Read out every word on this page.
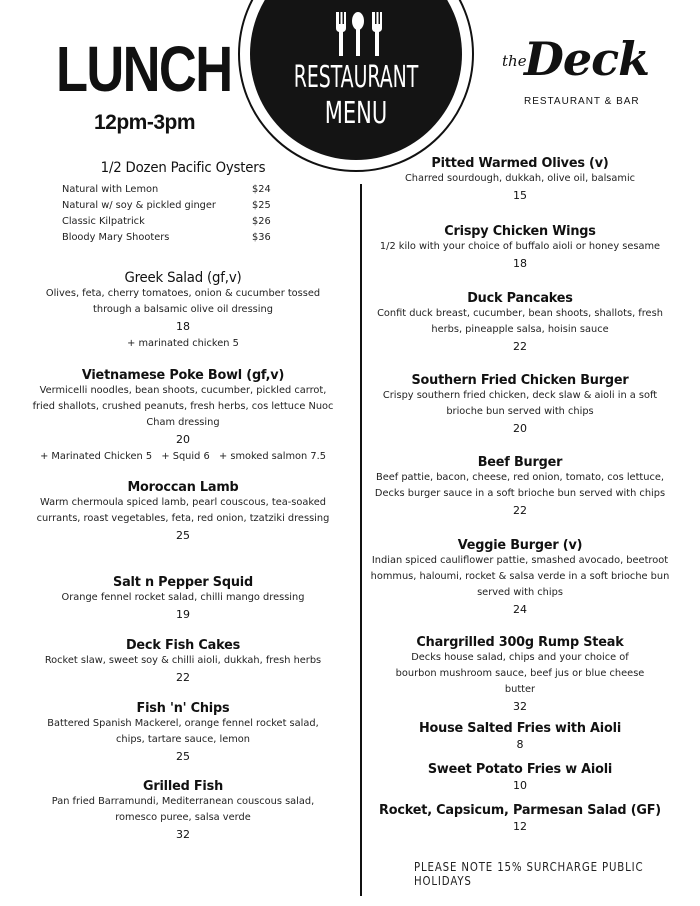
LUNCH
12pm-3pm
RESTAURANT
MENU
the
Deck
RESTAURANT & BAR
1/2 Dozen Pacific Oysters
Natural with Lemon	$24
Natural w/ soy & pickled ginger	$25
Classic Kilpatrick	$26
Bloody Mary Shooters	$36
Greek Salad (gf,v)
Olives, feta, cherry tomatoes, onion & cucumber tossed through a balsamic olive oil dressing
18
+ marinated chicken 5
Vietnamese Poke Bowl (gf,v)
Vermicelli noodles, bean shoots, cucumber, pickled carrot, fried shallots, crushed peanuts, fresh herbs, cos lettuce Nuoc Cham dressing
20
+ Marinated Chicken 5   + Squid 6   + smoked salmon 7.5
Moroccan Lamb
Warm chermoula spiced lamb, pearl couscous, tea-soaked currants, roast vegetables, feta, red onion, tzatziki dressing
25
Salt n Pepper Squid
Orange fennel rocket salad, chilli mango dressing
19
Deck Fish Cakes
Rocket slaw, sweet soy & chilli aioli, dukkah, fresh herbs
22
Fish 'n' Chips
Battered Spanish Mackerel, orange fennel rocket salad, chips, tartare sauce, lemon
25
Grilled Fish
Pan fried Barramundi, Mediterranean couscous salad, romesco puree, salsa verde
32
Pitted Warmed Olives (v)
Charred sourdough, dukkah, olive oil, balsamic
15
Crispy Chicken Wings
1/2 kilo with your choice of buffalo aioli or honey sesame
18
Duck Pancakes
Confit duck breast, cucumber, bean shoots, shallots, fresh herbs, pineapple salsa, hoisin sauce
22
Southern Fried Chicken Burger
Crispy southern fried chicken, deck slaw & aioli in a soft brioche bun served with chips
20
Beef Burger
Beef pattie, bacon, cheese, red onion, tomato, cos lettuce, Decks burger sauce in a soft brioche bun served with chips
22
Veggie Burger (v)
Indian spiced cauliflower pattie, smashed avocado, beetroot hommus, haloumi, rocket & salsa verde in a soft brioche bun served with chips
24
Chargrilled 300g Rump Steak
Decks house salad, chips and your choice of bourbon mushroom sauce, beef jus or blue cheese butter
32
House Salted Fries with Aioli
8
Sweet Potato Fries w Aioli
10
Rocket, Capsicum, Parmesan Salad (GF)
12
PLEASE NOTE 15% SURCHARGE PUBLIC HOLIDAYS
